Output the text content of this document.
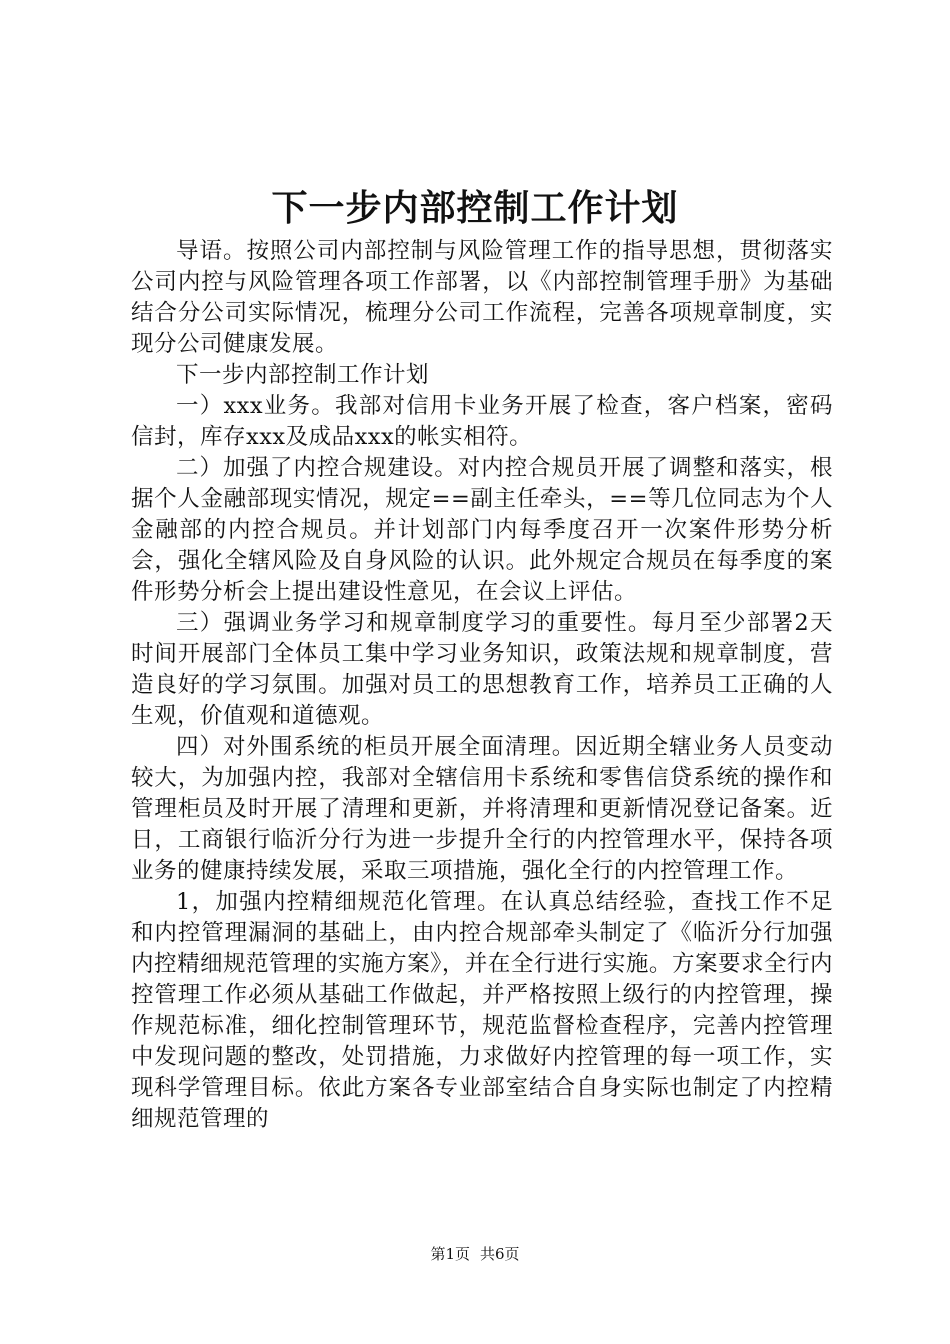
下一步内部控制工作计划

导语。按照公司内部控制与风险管理工作的指导思想，贯彻落实公司内控与风险管理各项工作部署，以《内部控制管理手册》为基础结合分公司实际情况，梳理分公司工作流程，完善各项规章制度，实现分公司健康发展。

下一步内部控制工作计划

一）xxx业务。我部对信用卡业务开展了检查，客户档案，密码信封，库存xxx及成品xxx的帐实相符。

二）加强了内控合规建设。对内控合规员开展了调整和落实，根据个人金融部现实情况，规定==副主任牵头，==等几位同志为个人金融部的内控合规员。并计划部门内每季度召开一次案件形势分析会，强化全辖风险及自身风险的认识。此外规定合规员在每季度的案件形势分析会上提出建设性意见，在会议上评估。

三）强调业务学习和规章制度学习的重要性。每月至少部署2天时间开展部门全体员工集中学习业务知识，政策法规和规章制度，营造良好的学习氛围。加强对员工的思想教育工作，培养员工正确的人生观，价值观和道德观。

四）对外围系统的柜员开展全面清理。因近期全辖业务人员变动较大，为加强内控，我部对全辖信用卡系统和零售信贷系统的操作和管理柜员及时开展了清理和更新，并将清理和更新情况登记备案。近日，工商银行临沂分行为进一步提升全行的内控管理水平，保持各项业务的健康持续发展，采取三项措施，强化全行的内控管理工作。

1，加强内控精细规范化管理。在认真总结经验，查找工作不足和内控管理漏洞的基础上，由内控合规部牵头制定了《临沂分行加强内控精细规范管理的实施方案》，并在全行进行实施。方案要求全行内控管理工作必须从基础工作做起，并严格按照上级行的内控管理，操作规范标准，细化控制管理环节，规范监督检查程序，完善内控管理中发现问题的整改，处罚措施，力求做好内控管理的每一项工作，实现科学管理目标。依此方案各专业部室结合自身实际也制定了内控精细规范管理的

第1页 共6页
